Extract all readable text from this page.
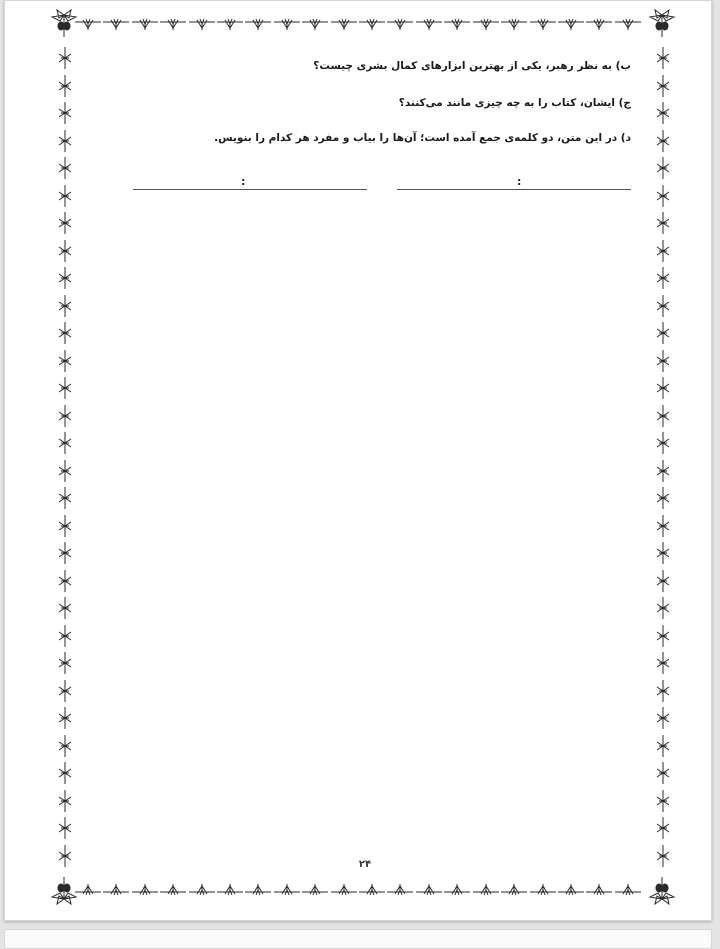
ب) به نظر رهبر، یکی از بهترین ابزارهای کمال بشری چیست؟
ج) ایشان، کتاب را به چه چیزی مانند می‌کنند؟
د) در این متن، دو کلمه‌ی جمع آمده است؛ آن‌ها را بیاب و مفرد هر کدام را بنویس.
:
:
۲۴
